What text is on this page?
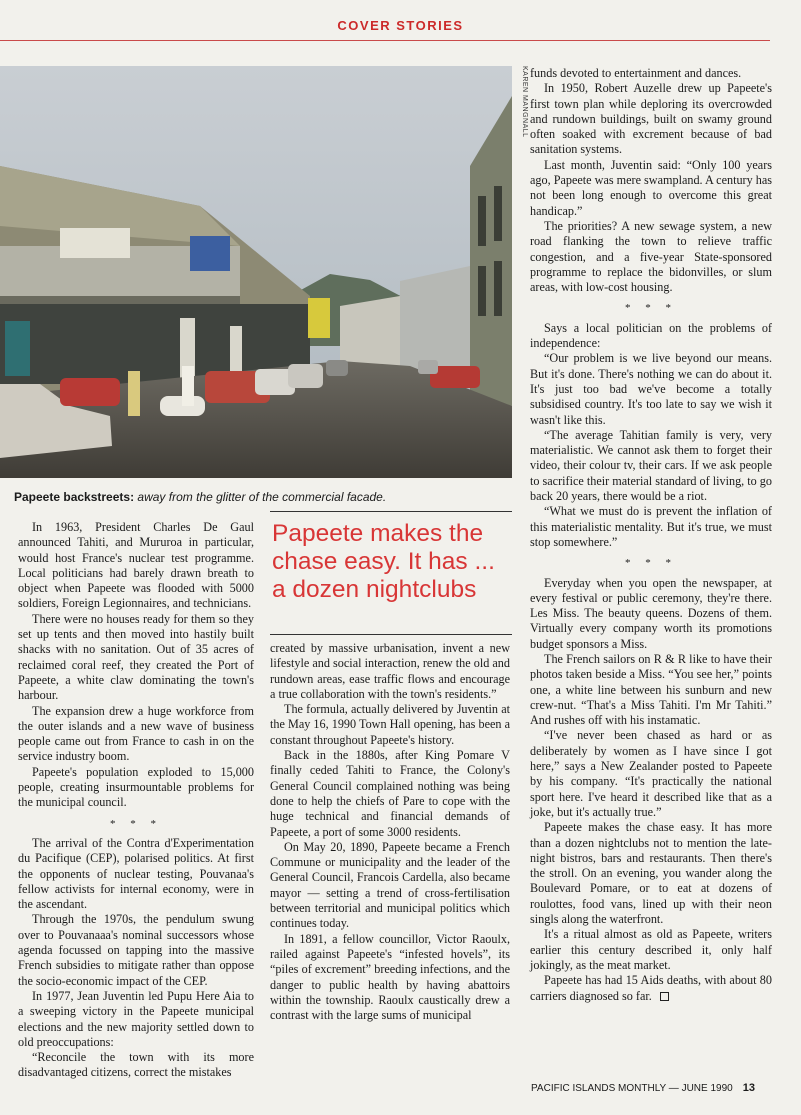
COVER STORIES
KAREN MANGNALL
Papeete backstreets: away from the glitter of the commercial facade.

In 1963, President Charles De Gaul announced Tahiti, and Mururoa in particular, would host France's nuclear test programme. Local politicians had barely drawn breath to object when Papeete was flooded with 5000 soldiers, Foreign Legionnaires, and technicians.

There were no houses ready for them so they set up tents and then moved into hastily built shacks with no sanitation. Out of 35 acres of reclaimed coral reef, they created the Port of Papeete, a white claw dominating the town's harbour.

The expansion drew a huge workforce from the outer islands and a new wave of business people came out from France to cash in on the service industry boom.

Papeete's population exploded to 15,000 people, creating insurmountable problems for the municipal council.

* * *

The arrival of the Contra d'Experimentation du Pacifique (CEP), polarised politics. At first the opponents of nuclear testing, Pouvanaa's fellow activists for internal economy, were in the ascendant.

Through the 1970s, the pendulum swung over to Pouvanaaa's nominal successors whose agenda focussed on tapping into the massive French subsidies to mitigate rather than oppose the socio-economic impact of the CEP.

In 1977, Jean Juventin led Pupu Here Aia to a sweeping victory in the Papeete municipal elections and the new majority settled down to old preoccupations:

“Reconcile the town with its more disadvantaged citizens, correct the mistakes

Papeete makes the chase easy. It has ... a dozen nightclubs

created by massive urbanisation, invent a new lifestyle and social interaction, renew the old and rundown areas, ease traffic flows and encourage a true collaboration with the town's residents.”

The formula, actually delivered by Juventin at the May 16, 1990 Town Hall opening, has been a constant throughout Papeete's history.

Back in the 1880s, after King Pomare V finally ceded Tahiti to France, the Colony's General Council complained nothing was being done to help the chiefs of Pare to cope with the huge technical and financial demands of Papeete, a port of some 3000 residents.

On May 20, 1890, Papeete became a French Commune or municipality and the leader of the General Council, Francois Cardella, also became mayor — setting a trend of cross-fertilisation between territorial and municipal politics which continues today.

In 1891, a fellow councillor, Victor Raoulx, railed against Papeete's “infested hovels”, its “piles of excrement” breeding infections, and the danger to public health by having abattoirs within the township. Raoulx caustically drew a contrast with the large sums of municipal

funds devoted to entertainment and dances.

In 1950, Robert Auzelle drew up Papeete's first town plan while deploring its overcrowded and rundown buildings, built on swamy ground often soaked with excrement because of bad sanitation systems.

Last month, Juventin said: “Only 100 years ago, Papeete was mere swampland. A century has not been long enough to overcome this great handicap.”

The priorities? A new sewage system, a new road flanking the town to relieve traffic congestion, and a five-year State-sponsored programme to replace the bidonvilles, or slum areas, with low-cost housing.

* * *

Says a local politician on the problems of independence:

“Our problem is we live beyond our means. But it's done. There's nothing we can do about it. It's just too bad we've become a totally subsidised country. It's too late to say we wish it wasn't like this.

“The average Tahitian family is very, very materialistic. We cannot ask them to forget their video, their colour tv, their cars. If we ask people to sacrifice their material standard of living, to go back 20 years, there would be a riot.

“What we must do is prevent the inflation of this materialistic mentality. But it's true, we must stop somewhere.”

* * *

Everyday when you open the newspaper, at every festival or public ceremony, they're there. Les Miss. The beauty queens. Dozens of them. Virtually every company worth its promotions budget sponsors a Miss.

The French sailors on R & R like to have their photos taken beside a Miss. “You see her,” points one, a white line between his sunburn and new crew-nut. “That's a Miss Tahiti. I'm Mr Tahiti.” And rushes off with his instamatic.

“I've never been chased as hard or as deliberately by women as I have since I got here,” says a New Zealander posted to Papeete by his company. “It's practically the national sport here. I've heard it described like that as a joke, but it's actually true.”

Papeete makes the chase easy. It has more than a dozen nightclubs not to mention the late-night bistros, bars and restaurants. Then there's the stroll. On an evening, you wander along the Boulevard Pomare, or to eat at dozens of roulottes, food vans, lined up with their neon singls along the waterfront.

It's a ritual almost as old as Papeete, writers earlier this century described it, only half jokingly, as the meat market.

Papeete has had 15 Aids deaths, with about 80 carriers diagnosed so far.

PACIFIC ISLANDS MONTHLY — JUNE 1990 13
